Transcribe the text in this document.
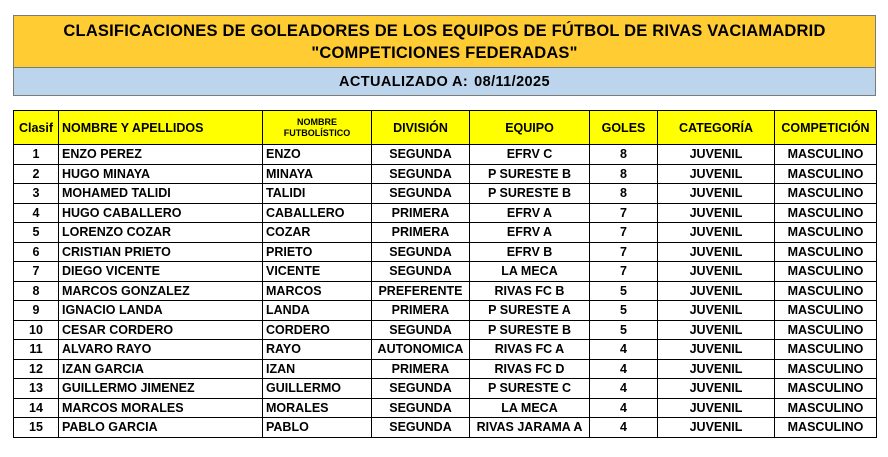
CLASIFICACIONES DE GOLEADORES DE LOS EQUIPOS DE FÚTBOL DE RIVAS VACIAMADRID
"COMPETICIONES FEDERADAS"
ACTUALIZADO A: 08/11/2025
Clasif	NOMBRE Y APELLIDOS	NOMBRE FUTBOLÍSTICO	DIVISIÓN	EQUIPO	GOLES	CATEGORÍA	COMPETICIÓN
1	ENZO PEREZ	ENZO	SEGUNDA	EFRV C	8	JUVENIL	MASCULINO
2	HUGO MINAYA	MINAYA	SEGUNDA	P SURESTE B	8	JUVENIL	MASCULINO
3	MOHAMED TALIDI	TALIDI	SEGUNDA	P SURESTE B	8	JUVENIL	MASCULINO
4	HUGO CABALLERO	CABALLERO	PRIMERA	EFRV A	7	JUVENIL	MASCULINO
5	LORENZO COZAR	COZAR	PRIMERA	EFRV A	7	JUVENIL	MASCULINO
6	CRISTIAN PRIETO	PRIETO	SEGUNDA	EFRV B	7	JUVENIL	MASCULINO
7	DIEGO VICENTE	VICENTE	SEGUNDA	LA MECA	7	JUVENIL	MASCULINO
8	MARCOS GONZALEZ	MARCOS	PREFERENTE	RIVAS FC B	5	JUVENIL	MASCULINO
9	IGNACIO LANDA	LANDA	PRIMERA	P SURESTE A	5	JUVENIL	MASCULINO
10	CESAR CORDERO	CORDERO	SEGUNDA	P SURESTE B	5	JUVENIL	MASCULINO
11	ALVARO RAYO	RAYO	AUTONOMICA	RIVAS FC A	4	JUVENIL	MASCULINO
12	IZAN GARCIA	IZAN	PRIMERA	RIVAS FC D	4	JUVENIL	MASCULINO
13	GUILLERMO JIMENEZ	GUILLERMO	SEGUNDA	P SURESTE C	4	JUVENIL	MASCULINO
14	MARCOS MORALES	MORALES	SEGUNDA	LA MECA	4	JUVENIL	MASCULINO
15	PABLO GARCIA	PABLO	SEGUNDA	RIVAS JARAMA A	4	JUVENIL	MASCULINO
